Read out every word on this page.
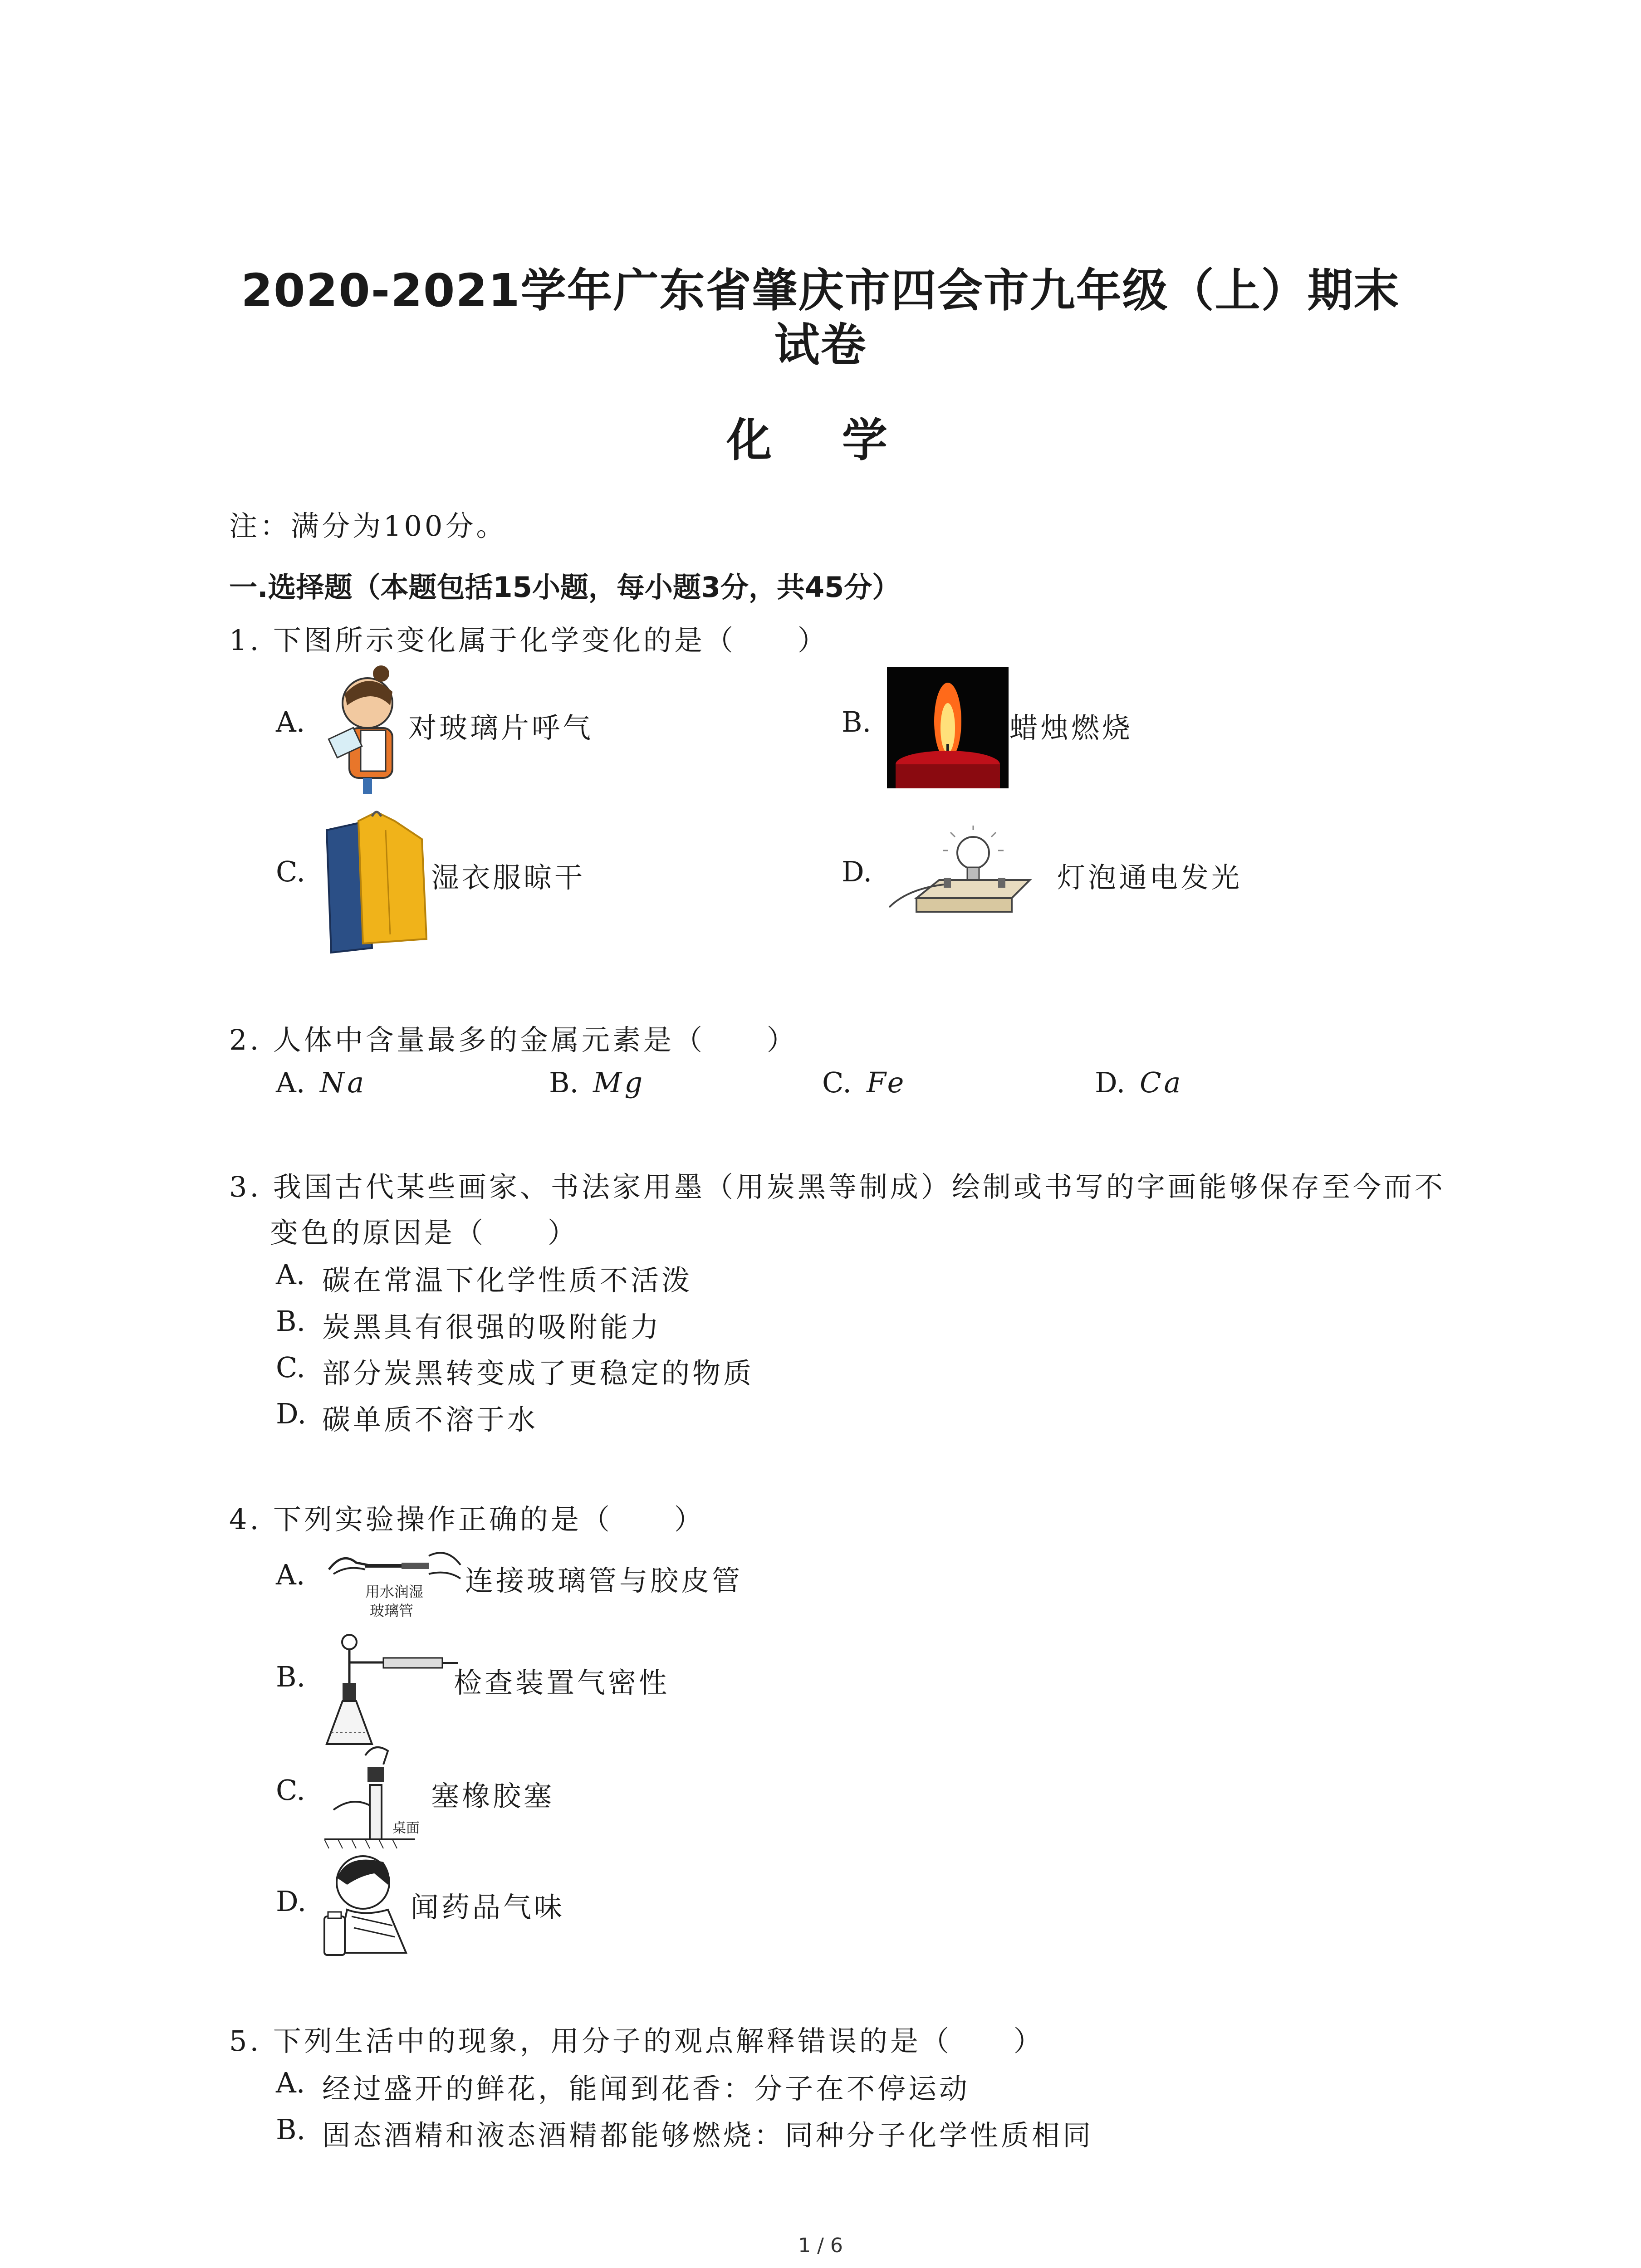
2020-2021学年广东省肇庆市四会市九年级（上）期末
试卷
化 学
注：满分为100分。
一.选择题（本题包括15小题，每小题3分，共45分）
1. 下图所示变化属于化学变化的是（　　）
A.	对玻璃片呼气	B.	蜡烛燃烧
C.	湿衣服晾干	D.	灯泡通电发光
2. 人体中含量最多的金属元素是（　　）
A. Na	B. Mg	C. Fe	D. Ca
3. 我国古代某些画家、书法家用墨（用炭黑等制成）绘制或书写的字画能够保存至今而不
变色的原因是（　　）
A. 碳在常温下化学性质不活泼
B. 炭黑具有很强的吸附能力
C. 部分炭黑转变成了更稳定的物质
D. 碳单质不溶于水
4. 下列实验操作正确的是（　　）
A.
用水润湿
玻璃管
连接玻璃管与胶皮管
B.	检查装置气密性
C.
桌面
塞橡胶塞
D.	闻药品气味
5. 下列生活中的现象，用分子的观点解释错误的是（　　）
A. 经过盛开的鲜花，能闻到花香：分子在不停运动
B. 固态酒精和液态酒精都能够燃烧：同种分子化学性质相同
1 / 6
